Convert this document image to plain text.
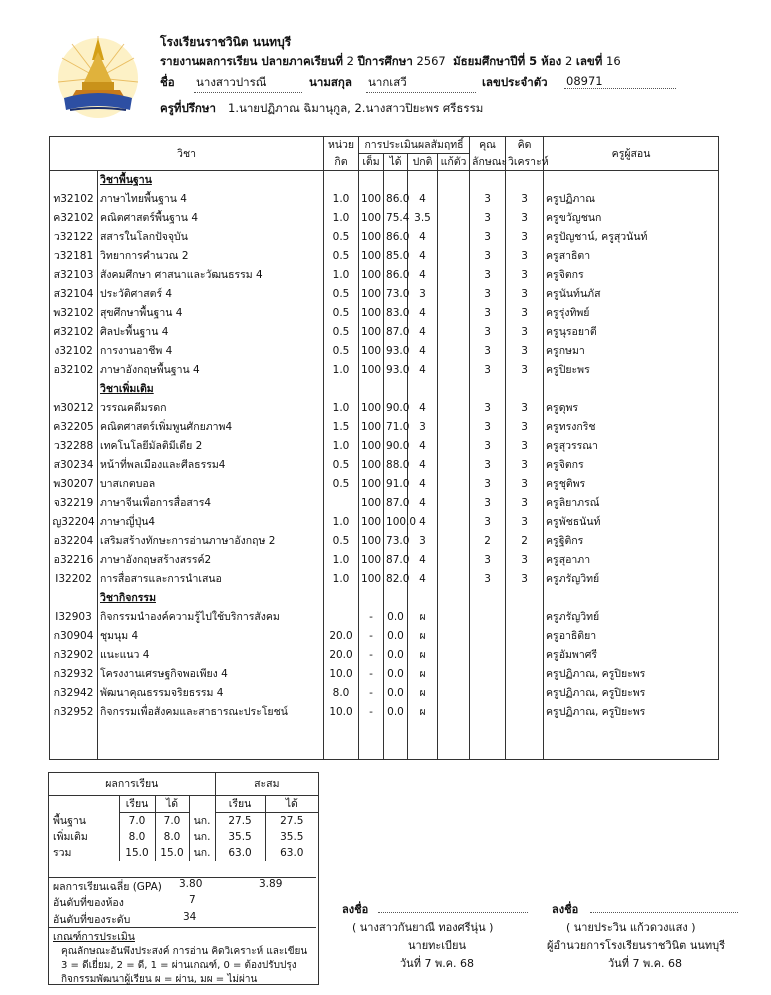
โรงเรียนราชวินิต นนทบุรี
รายงานผลการเรียน ปลายภาคเรียนที่ 2 ปีการศึกษา 2567 มัธยมศึกษาปีที่ 5 ห้อง 2 เลขที่ 16
ชื่อ นางสาวปารณี	นามสกุล นากเสวี	เลขประจำตัว 08971
ครูที่ปรึกษา 1.นายปฏิภาณ ฉิมานุกูล, 2.นางสาวปิยะพร ศรีธรรม
วิชา		หน่วย	การประเมินผลสัมฤทธิ์				คุณ	คิด	ครูผู้สอน
		กิต	เต็ม	ได้	ปกติ	แก้ตัว	ลักษณะ	วิเคราะห์	
	วิชาพื้นฐาน								
ท32102	ภาษาไทยพื้นฐาน 4	1.0	100	86.0	4		3	3	ครูปฏิภาณ
ค32102	คณิตศาสตร์พื้นฐาน 4	1.0	100	75.4	3.5		3	3	ครูขวัญชนก
ว32122	สสารในโลกปัจจุบัน	0.5	100	86.0	4		3	3	ครูปัญชาน์, ครูสุวนันท์
ว32181	วิทยาการคำนวณ 2	0.5	100	85.0	4		3	3	ครูสาธิตา
ส32103	สังคมศึกษา ศาสนาและวัฒนธรรม 4	1.0	100	86.0	4		3	3	ครูจิตกร
ส32104	ประวัติศาสตร์ 4	0.5	100	73.0	3		3	3	ครูนันท์นภัส
พ32102	สุขศึกษาพื้นฐาน 4	0.5	100	83.0	4		3	3	ครูรุ่งทิพย์
ศ32102	ศิลปะพื้นฐาน 4	0.5	100	87.0	4		3	3	ครูนุรอยาตี
ง32102	การงานอาชีพ 4	0.5	100	93.0	4		3	3	ครูกษมา
อ32102	ภาษาอังกฤษพื้นฐาน 4	1.0	100	93.0	4		3	3	ครูปิยะพร
	วิชาเพิ่มเติม								
ท30212	วรรณคดีมรดก	1.0	100	90.0	4		3	3	ครูดุพร
ค32205	คณิตศาสตร์เพิ่มพูนศักยภาพ4	1.5	100	71.0	3		3	3	ครูทรงกริช
ว32288	เทคโนโลยีมัลติมีเดีย 2	1.0	100	90.0	4		3	3	ครูสุวรรณา
ส30234	หน้าที่พลเมืองและศีลธรรม4	0.5	100	88.0	4		3	3	ครูจิตกร
พ30207	บาสเกตบอล	0.5	100	91.0	4		3	3	ครูชุติพร
จ32219	ภาษาจีนเพื่อการสื่อสาร4		100	87.0	4		3	3	ครูลิยาภรณ์
ญ32204	ภาษาญี่ปุ่น4	1.0	100	100.0	4		3	3	ครูพัชธนันท์
อ32204	เสริมสร้างทักษะการอ่านภาษาอังกฤษ 2	0.5	100	73.0	3		2	2	ครูฐิติกร
อ32216	ภาษาอังกฤษสร้างสรรค์2	1.0	100	87.0	4		3	3	ครูสุอาภา
I32202	การสื่อสารและการนำเสนอ	1.0	100	82.0	4		3	3	ครูภรัญวิทย์
	วิชากิจกรรม								
I32903	กิจกรรมนำองค์ความรู้ไปใช้บริการสังคม		-	0.0	ผ				ครูภรัญวิทย์
ก30904	ชุมนุม 4	20.0	-	0.0	ผ				ครูอาธิติยา
ก32902	แนะแนว 4	20.0	-	0.0	ผ				ครูอัมพาศรี
ก32932	โครงงานเศรษฐกิจพอเพียง 4	10.0	-	0.0	ผ				ครูปฏิภาณ, ครูปิยะพร
ก32942	พัฒนาคุณธรรมจริยธรรม 4	8.0	-	0.0	ผ				ครูปฏิภาณ, ครูปิยะพร
ก32952	กิจกรรมเพื่อสังคมและสาธารณะประโยชน์	10.0	-	0.0	ผ				ครูปฏิภาณ, ครูปิยะพร

ผลการเรียน				สะสม	
	เรียน	ได้		เรียน	ได้
พื้นฐาน	7.0	7.0	นก.	27.5	27.5
เพิ่มเติม	8.0	8.0	นก.	35.5	35.5
รวม	15.0	15.0	นก.	63.0	63.0
ผลการเรียนเฉลี่ย (GPA) 3.80	3.89
อันดับที่ของห้อง	7
อันดับที่ของระดับ	34
เกณฑ์การประเมิน
คุณลักษณะอันพึงประสงค์ การอ่าน คิดวิเคราะห์ และเขียน
3 = ดีเยี่ยม, 2 = ดี, 1 = ผ่านเกณฑ์, 0 = ต้องปรับปรุง
กิจกรรมพัฒนาผู้เรียน ผ = ผ่าน, มผ = ไม่ผ่าน
ลงชื่อ
( นางสาวกันยาณี ทองศรีนุ่น )
นายทะเบียน
วันที่ 7 พ.ค. 68
ลงชื่อ
( นายประวิน แก้วดวงแสง )
ผู้อำนวยการโรงเรียนราชวินิต นนทบุรี
วันที่ 7 พ.ค. 68
